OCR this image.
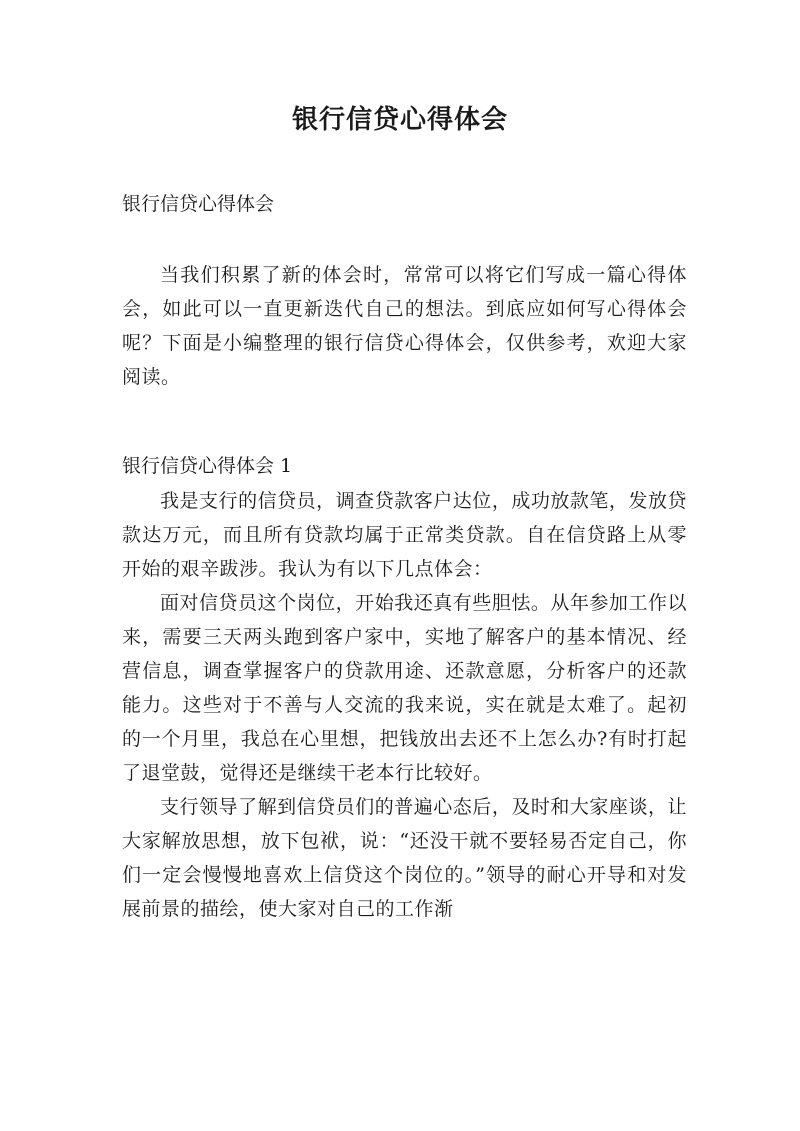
银行信贷心得体会
银行信贷心得体会

当我们积累了新的体会时，常常可以将它们写成一篇心得体会，如此可以一直更新迭代自己的想法。到底应如何写心得体会呢？下面是小编整理的银行信贷心得体会，仅供参考，欢迎大家阅读。

银行信贷心得体会 1

我是支行的信贷员，调查贷款客户达位，成功放款笔，发放贷款达万元，而且所有贷款均属于正常类贷款。自在信贷路上从零开始的艰辛跋涉。我认为有以下几点体会：

面对信贷员这个岗位，开始我还真有些胆怯。从年参加工作以来，需要三天两头跑到客户家中，实地了解客户的基本情况、经营信息，调查掌握客户的贷款用途、还款意愿，分析客户的还款能力。这些对于不善与人交流的我来说，实在就是太难了。起初的一个月里，我总在心里想，把钱放出去还不上怎么办?有时打起了退堂鼓，觉得还是继续干老本行比较好。

支行领导了解到信贷员们的普遍心态后，及时和大家座谈，让大家解放思想，放下包袱，说：“还没干就不要轻易否定自己，你们一定会慢慢地喜欢上信贷这个岗位的。”领导的耐心开导和对发展前景的描绘，使大家对自己的工作渐
